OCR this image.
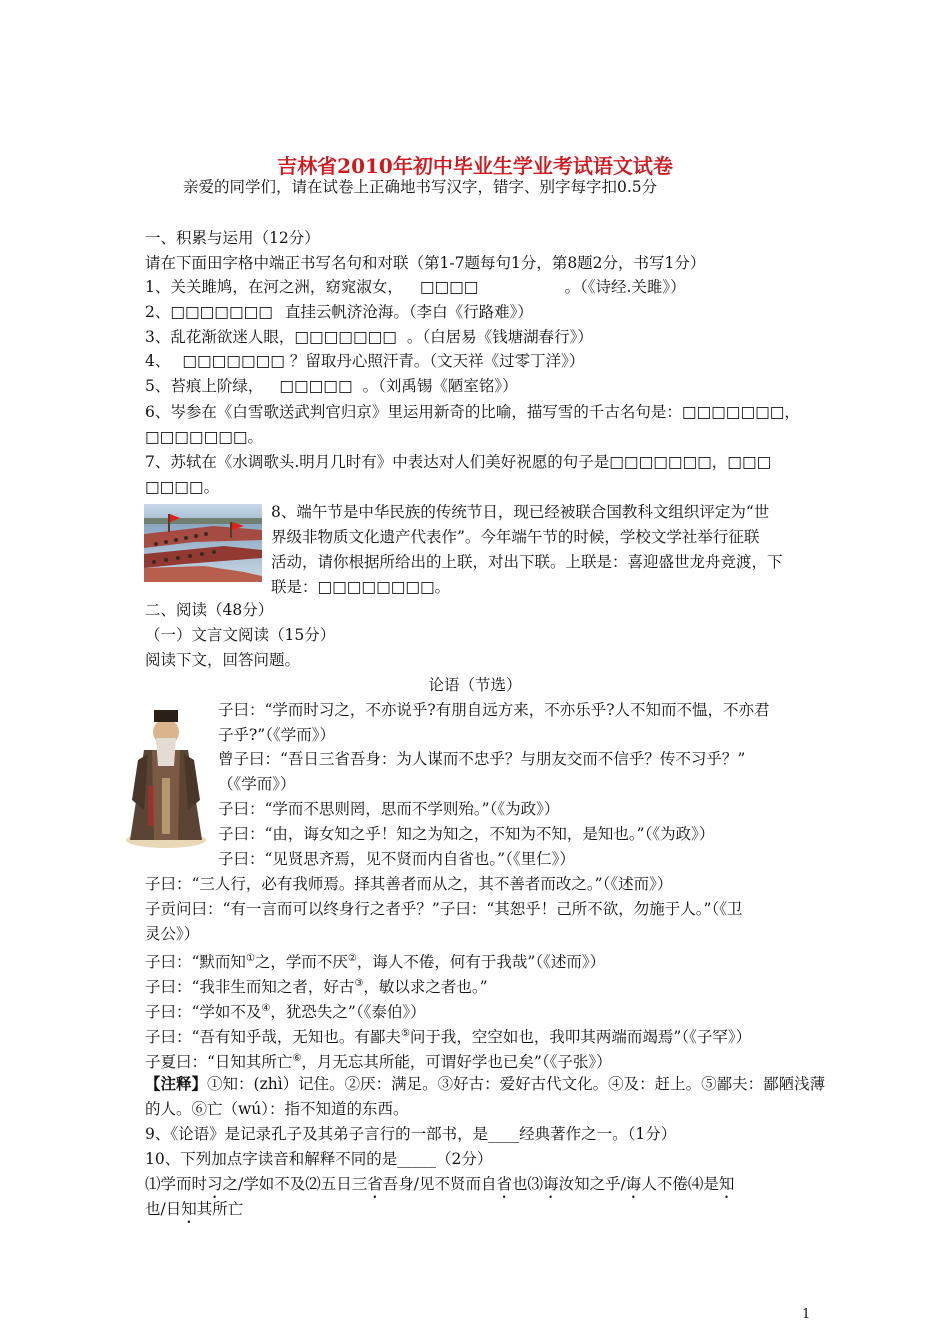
吉林省2010年初中毕业生学业考试语文试卷
亲爱的同学们，请在试卷上正确地书写汉字，错字、别字每字扣0.5分
一、积累与运用（12分）
请在下面田字格中端正书写名句和对联（第1-7题每句1分，第8题2分，书写1分）
1、关关雎鸠，在河之洲，窈窕淑女， □□□□	。（《诗经.关雎》）
2、□□□□□□□ 直挂云帆济沧海。（李白《行路难》）
3、乱花渐欲迷人眼，□□□□□□□ 。（白居易《钱塘湖春行》）
4、 □□□□□□□ ？留取丹心照汗青。（文天祥《过零丁洋》）
5、苔痕上阶绿， □□□□□ 。（刘禹锡《陋室铭》）
6、岑参在《白雪歌送武判官归京》里运用新奇的比喻，描写雪的千古名句是：□□□□□□□，
□□□□□□□。
7、苏轼在《水调歌头.明月几时有》中表达对人们美好祝愿的句子是□□□□□□□，□□□
□□□□。
8、端午节是中华民族的传统节日，现已经被联合国教科文组织评定为“世
界级非物质文化遗产代表作”。今年端午节的时候，学校文学社举行征联
活动，请你根据所给出的上联，对出下联。上联是：喜迎盛世龙舟竞渡，下
联是：□□□□□□□□。
二、阅读（48分）
（一）文言文阅读（15分）
阅读下文，回答问题。
论语（节选）
子曰：“学而时习之，不亦说乎?有朋自远方来，不亦乐乎?人不知而不愠，不亦君
子乎?”（《学而》）
曾子曰：“吾日三省吾身：为人谋而不忠乎？与朋友交而不信乎？传不习乎？”
（《学而》）
子曰：“学而不思则罔，思而不学则殆。”（《为政》）
子曰：“由，诲女知之乎！知之为知之，不知为不知，是知也。”（《为政》）
子曰：“见贤思齐焉，见不贤而内自省也。”（《里仁》）
子曰：“三人行，必有我师焉。择其善者而从之，其不善者而改之。”（《述而》）
子贡问曰：“有一言而可以终身行之者乎？”子曰：“其恕乎！己所不欲，勿施于人。”（《卫
灵公》）
子曰：“默而知①之，学而不厌②，诲人不倦，何有于我哉”（《述而》）
子曰：“我非生而知之者，好古③，敏以求之者也。”
子曰：“学如不及④，犹恐失之”（《泰伯》）
子曰：“吾有知乎哉，无知也。有鄙夫⑤问于我，空空如也，我叩其两端而竭焉”（《子罕》）
子夏曰：“日知其所亡⑥，月无忘其所能，可谓好学也已矣”（《子张》）
【注释】①知：(zhì）记住。②厌：满足。③好古：爱好古代文化。④及：赶上。⑤鄙夫：鄙陋浅薄
的人。⑥亡（wú）：指不知道的东西。
9、《论语》是记录孔子及其弟子言行的一部书，是____经典著作之一。（1分）
10、下列加点字读音和解释不同的是_____（2分）
⑴学而时习之/学如不及⑵五日三省吾身/见不贤而自省也⑶诲汝知之乎/诲人不倦⑷是知
也/日知其所亡
1
